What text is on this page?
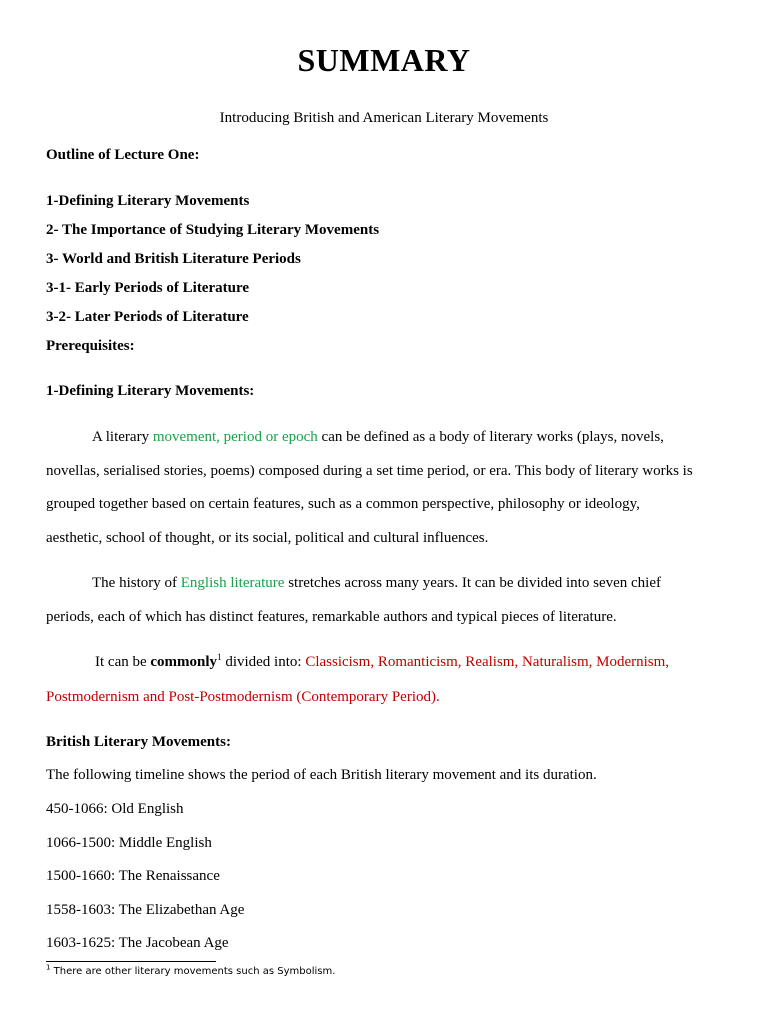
SUMMARY
Introducing British and American Literary Movements
Outline of Lecture One:
1-Defining Literary Movements
2- The Importance of Studying Literary Movements
3- World and British Literature Periods
3-1- Early Periods of Literature
3-2- Later Periods of Literature
Prerequisites:
1-Defining Literary Movements:
A literary movement, period or epoch can be defined as a body of literary works (plays, novels,
novellas, serialised stories, poems) composed during a set time period, or era. This body of literary works is
grouped together based on certain features, such as a common perspective, philosophy or ideology,
aesthetic, school of thought, or its social, political and cultural influences.
The history of English literature stretches across many years. It can be divided into seven chief
periods, each of which has distinct features, remarkable authors and typical pieces of literature.
It can be commonly$^1$ divided into: Classicism, Romanticism, Realism, Naturalism, Modernism,
Postmodernism and Post-Postmodernism (Contemporary Period).
British Literary Movements:
The following timeline shows the period of each British literary movement and its duration.
450-1066: Old English
1066-1500: Middle English
1500-1660: The Renaissance
1558-1603: The Elizabethan Age
1603-1625: The Jacobean Age
$^1$ There are other literary movements such as Symbolism.
